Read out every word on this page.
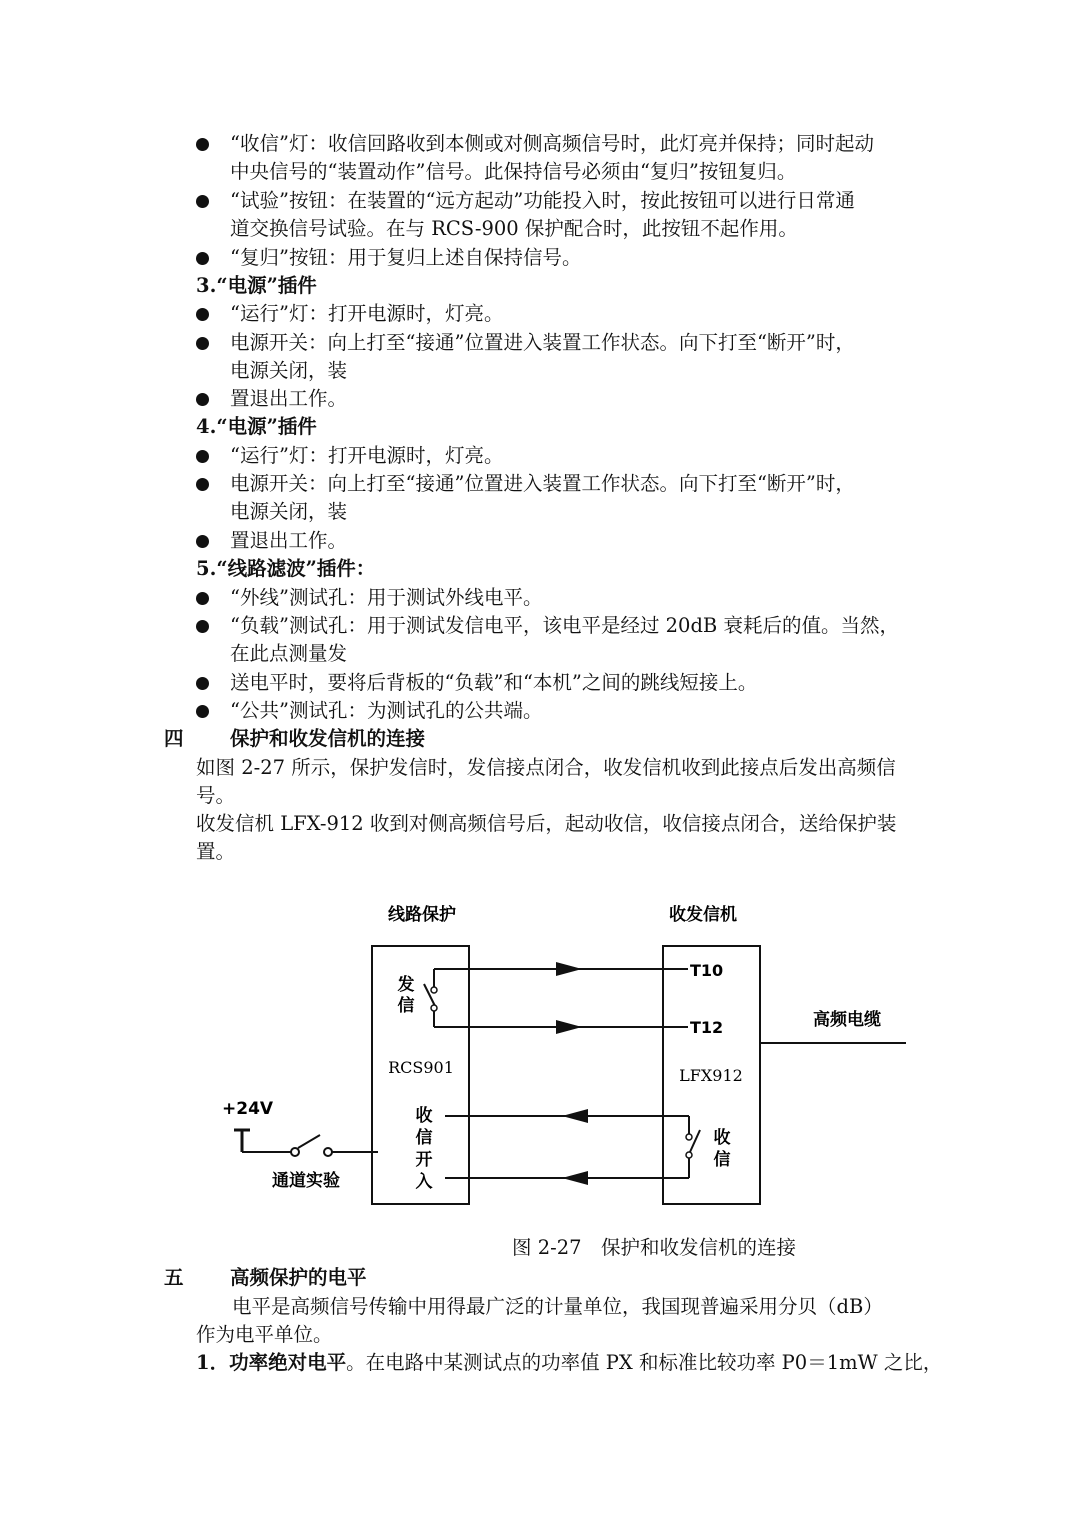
“收信”灯：收信回路收到本侧或对侧高频信号时，此灯亮并保持；同时起动
中央信号的“装置动作”信号。此保持信号必须由“复归”按钮复归。
“试验”按钮：在装置的“远方起动”功能投入时，按此按钮可以进行日常通
道交换信号试验。在与 RCS-900 保护配合时，此按钮不起作用。
“复归”按钮：用于复归上述自保持信号。
3.“电源”插件
“运行”灯：打开电源时，灯亮。
电源开关：向上打至“接通”位置进入装置工作状态。向下打至“断开”时，
电源关闭，装
置退出工作。
4.“电源”插件
“运行”灯：打开电源时，灯亮。
电源开关：向上打至“接通”位置进入装置工作状态。向下打至“断开”时，
电源关闭，装
置退出工作。
5.“线路滤波”插件：
“外线”测试孔：用于测试外线电平。
“负载”测试孔：用于测试发信电平，该电平是经过 20dB 衰耗后的值。当然，
在此点测量发
送电平时，要将后背板的“负载”和“本机”之间的跳线短接上。
“公共”测试孔：为测试孔的公共端。
四 保护和收发信机的连接
如图 2-27 所示，保护发信时，发信接点闭合，收发信机收到此接点后发出高频信
号。
收发信机 LFX-912 收到对侧高频信号后，起动收信，收信接点闭合，送给保护装
置。
线路保护	收发信机
发
信
T10
T12	高频电缆
RCS901	LFX912
收
信
开
入
收
信
+24V
通道实验
图 2-27　保护和收发信机的连接
五 高频保护的电平
电平是高频信号传输中用得最广泛的计量单位，我国现普遍采用分贝（dB）
作为电平单位。
1．功率绝对电平。在电路中某测试点的功率值 PX 和标准比较功率 P0＝1mW 之比，
